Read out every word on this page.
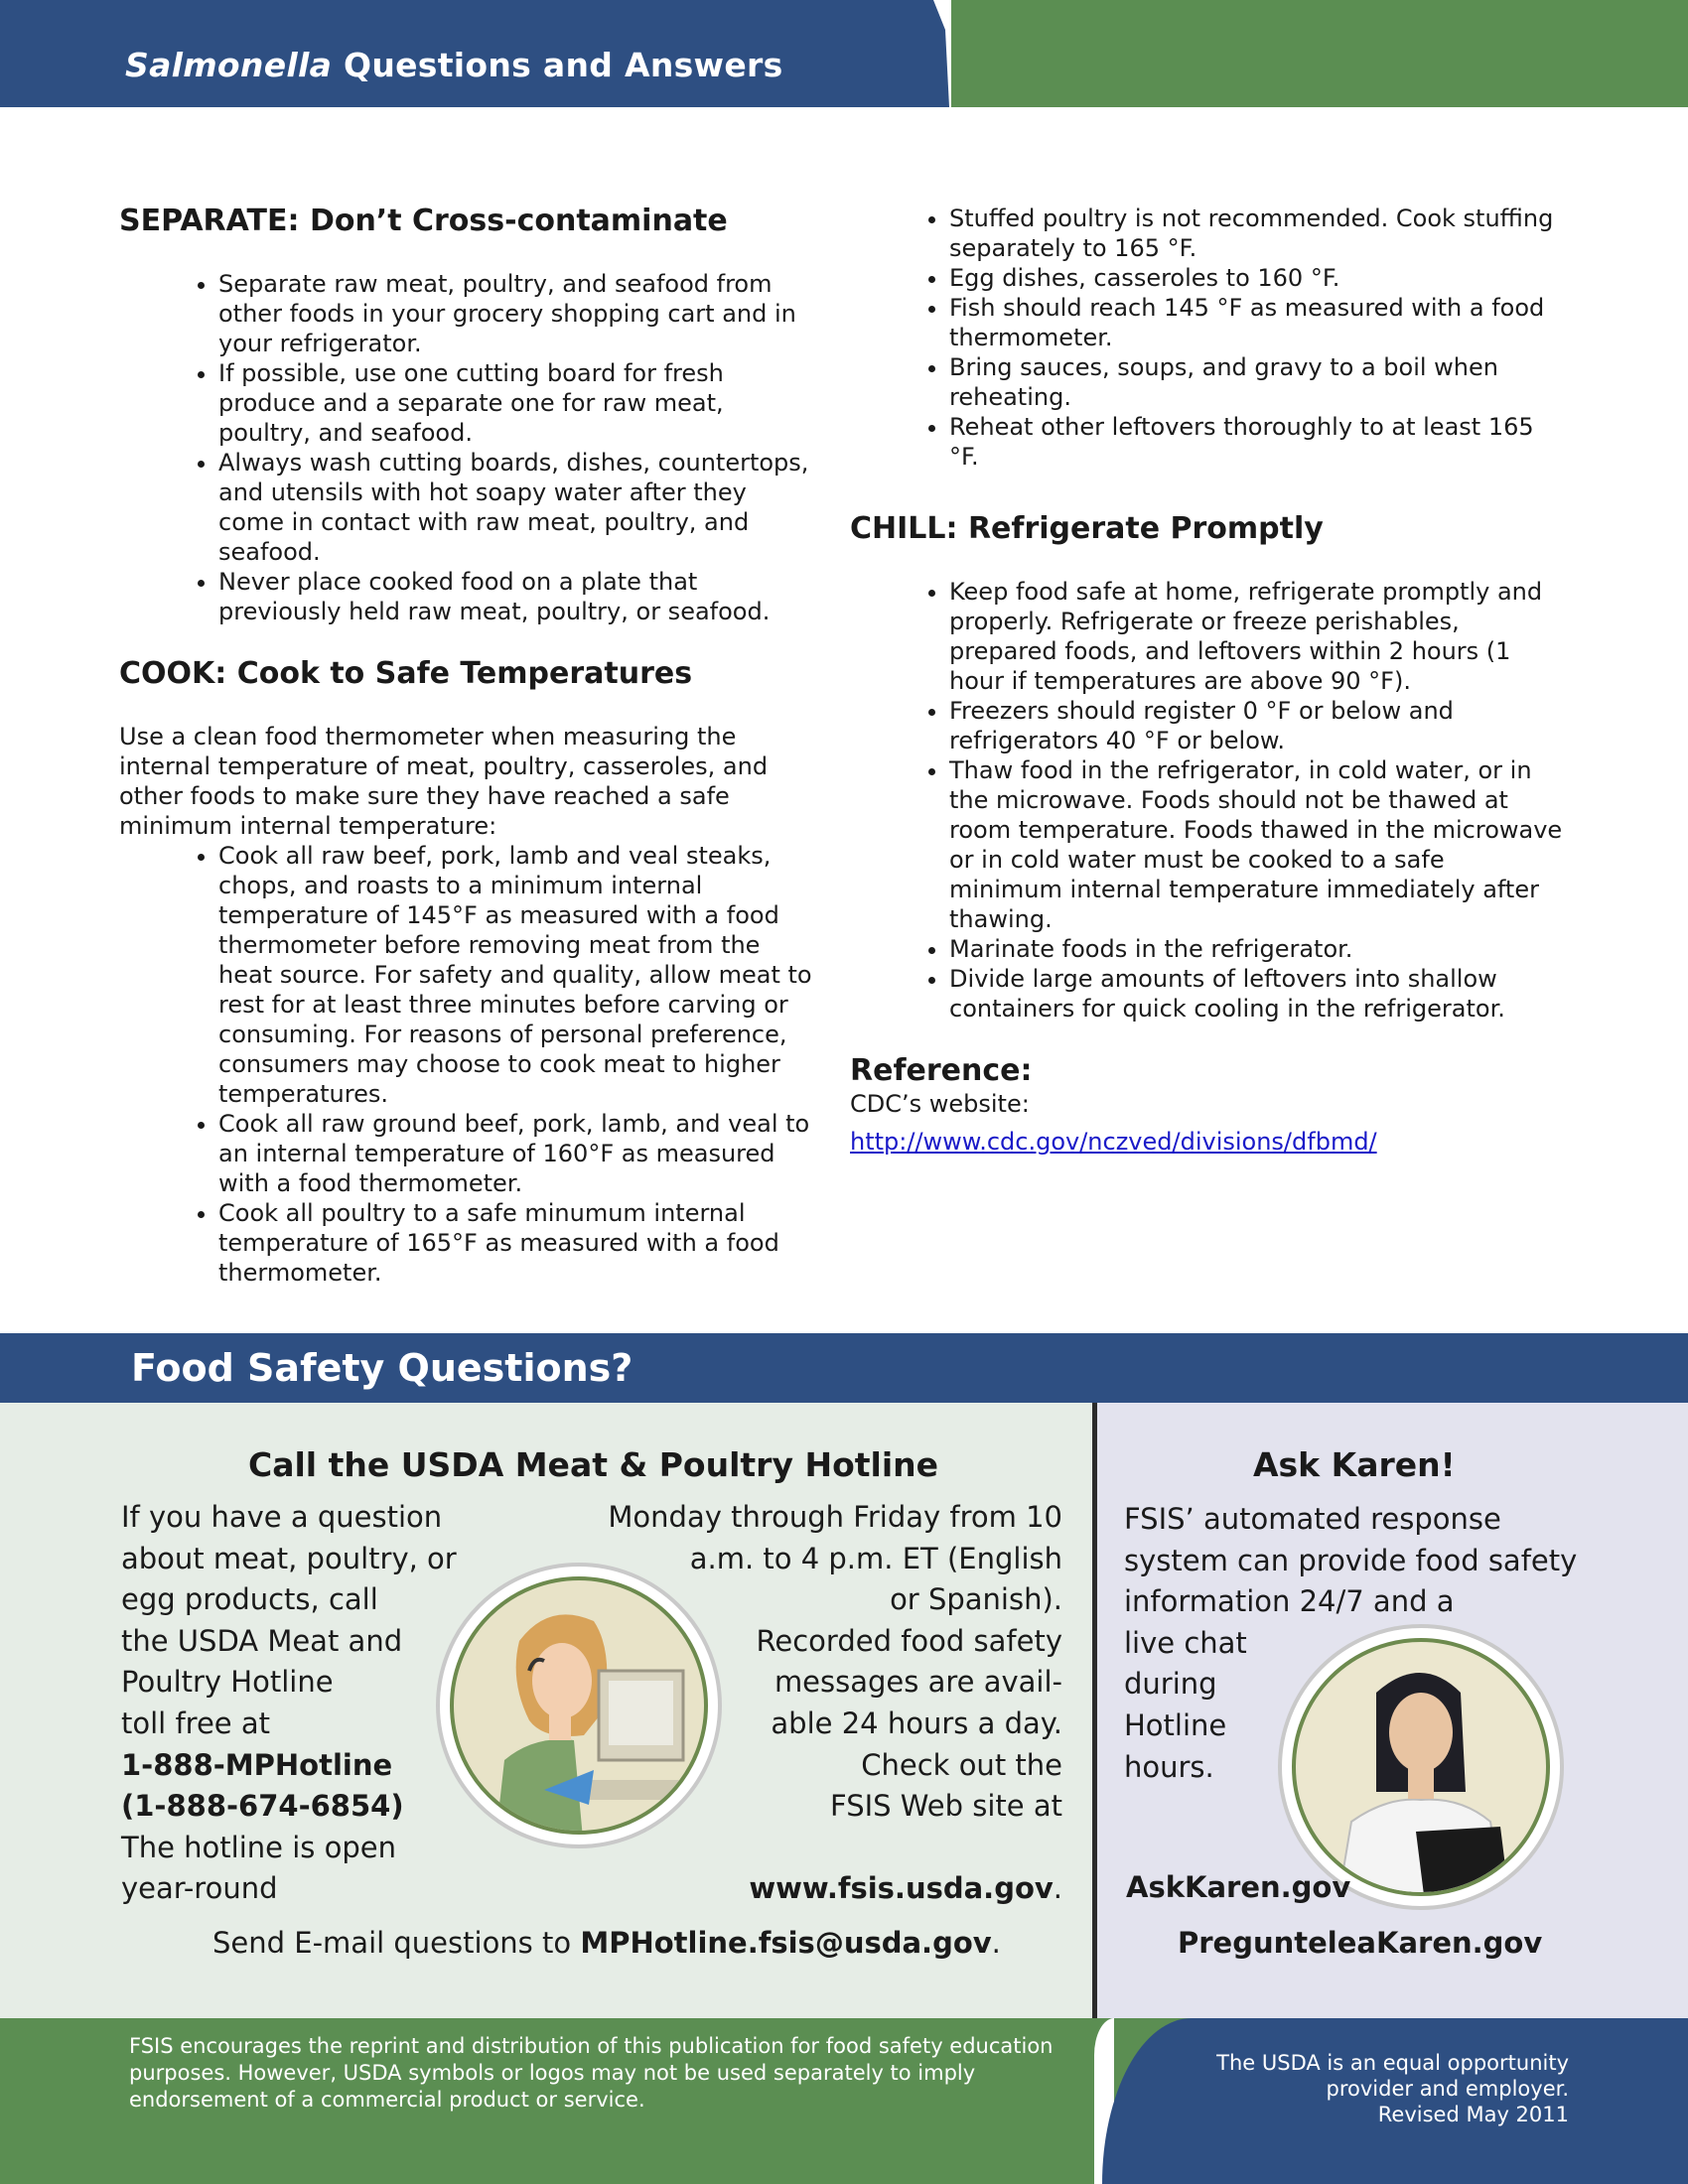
Salmonella Questions and Answers
SEPARATE: Don’t Cross-contaminate
• Separate raw meat, poultry, and seafood from other foods in your grocery shopping cart and in your refrigerator.
• If possible, use one cutting board for fresh produce and a separate one for raw meat, poultry, and seafood.
• Always wash cutting boards, dishes, countertops, and utensils with hot soapy water after they come in contact with raw meat, poultry, and seafood.
• Never place cooked food on a plate that previously held raw meat, poultry, or seafood.
COOK: Cook to Safe Temperatures

Use a clean food thermometer when measuring the internal temperature of meat, poultry, casseroles, and other foods to make sure they have reached a safe minimum internal temperature:

• Cook all raw beef, pork, lamb and veal steaks, chops, and roasts to a minimum internal temperature of 145°F as measured with a food thermometer before removing meat from the heat source. For safety and quality, allow meat to rest for at least three minutes before carving or consuming. For reasons of personal preference, consumers may choose to cook meat to higher temperatures.
• Cook all raw ground beef, pork, lamb, and veal to an internal temperature of 160°F as measured with a food thermometer.
• Cook all poultry to a safe minumum internal temperature of 165°F as measured with a food thermometer.
• Stuffed poultry is not recommended. Cook stuffing separately to 165 °F.
• Egg dishes, casseroles to 160 °F.
• Fish should reach 145 °F as measured with a food thermometer.
• Bring sauces, soups, and gravy to a boil when reheating.
• Reheat other leftovers thoroughly to at least 165 °F.
CHILL: Refrigerate Promptly
• Keep food safe at home, refrigerate promptly and properly. Refrigerate or freeze perishables, prepared foods, and leftovers within 2 hours (1 hour if temperatures are above 90 °F).
• Freezers should register 0 °F or below and refrigerators 40 °F or below.
• Thaw food in the refrigerator, in cold water, or in the microwave. Foods should not be thawed at room temperature. Foods thawed in the microwave or in cold water must be cooked to a safe minimum internal temperature immediately after thawing.
• Marinate foods in the refrigerator.
• Divide large amounts of leftovers into shallow containers for quick cooling in the refrigerator.
Reference:

CDC’s website:

http://www.cdc.gov/nczved/divisions/dfbmd/

Food Safety Questions?
Call the USDA Meat & Poultry Hotline
If you have a question
about meat, poultry, or
egg products, call
the USDA Meat and
Poultry Hotline
toll free at
1-888-MPHotline
(1-888-674-6854)
The hotline is open
year-round
Monday through Friday from 10
a.m. to 4 p.m. ET (English
or Spanish).
Recorded food safety
messages are avail-
able 24 hours a day.
Check out the
FSIS Web site at
www.fsis.usda.gov.
Send E-mail questions to MPHotline.fsis@usda.gov.
Ask Karen!
FSIS’ automated response
system can provide food safety
information 24/7 and a
live chat
during
Hotline
hours.
AskKaren.gov
PregunteleaKaren.gov
FSIS encourages the reprint and distribution of this publication for food safety education purposes. However, USDA symbols or logos may not be used separately to imply endorsement of a commercial product or service.
The USDA is an equal opportunity
provider and employer.
Revised May 2011
